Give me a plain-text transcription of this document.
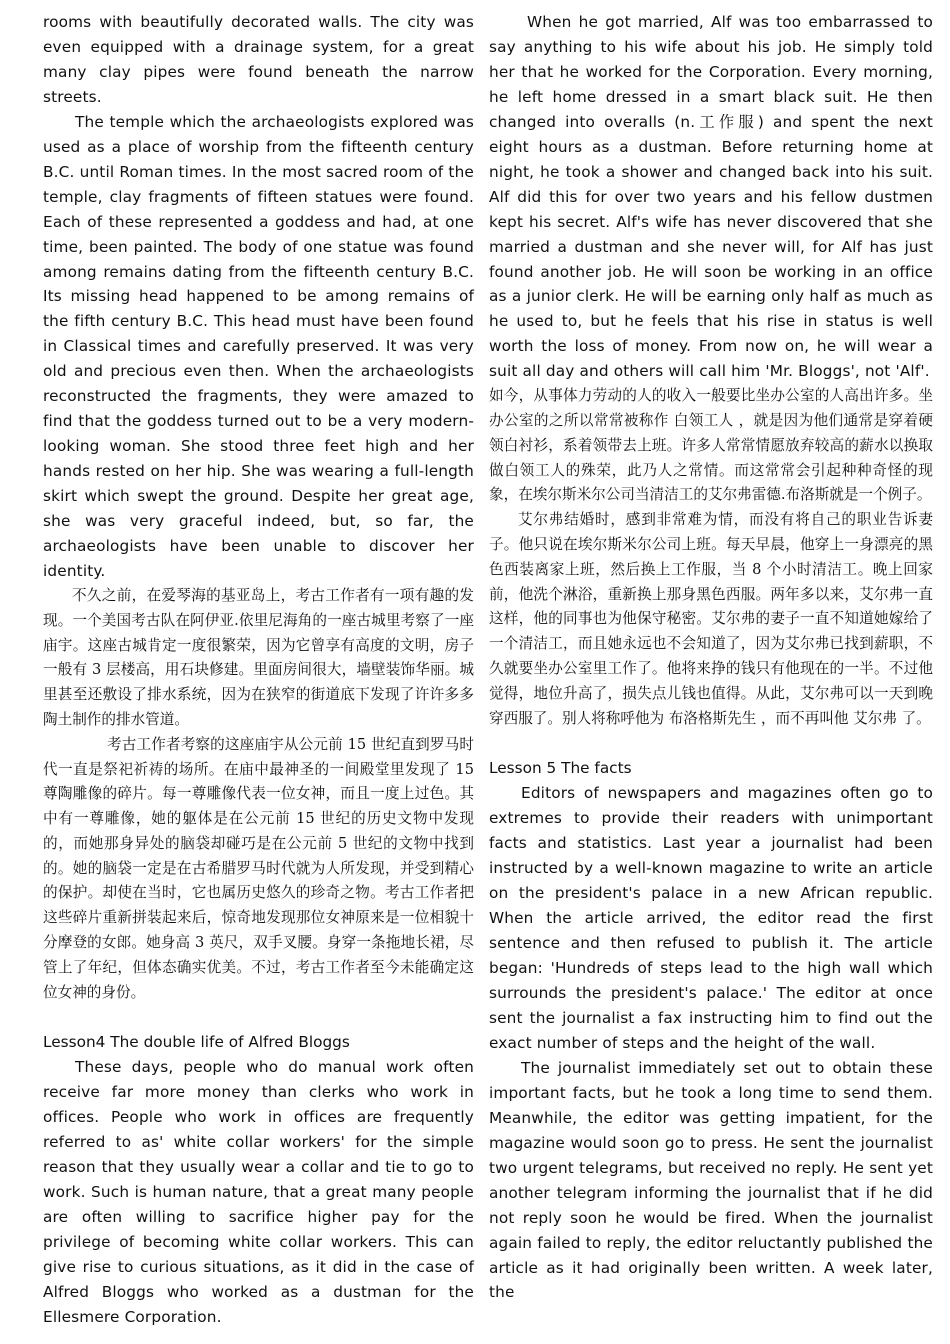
rooms with beautifully decorated walls. The city was even equipped with a drainage system, for a great many clay pipes were found beneath the narrow streets.

The temple which the archaeologists explored was used as a place of worship from the fifteenth century B.C. until Roman times. In the most sacred room of the temple, clay fragments of fifteen statues were found. Each of these represented a goddess and had, at one time, been painted. The body of one statue was found among remains dating from the fifteenth century B.C. Its missing head happened to be among remains of the fifth century B.C. This head must have been found in Classical times and carefully preserved. It was very old and precious even then. When the archaeologists reconstructed the fragments, they were amazed to find that the goddess turned out to be a very modern-looking woman. She stood three feet high and her hands rested on her hip. She was wearing a full-length skirt which swept the ground. Despite her great age, she was very graceful indeed, but, so far, the archaeologists have been unable to discover her identity.

不久之前，在爱琴海的基亚岛上，考古工作者有一项有趣的发现。一个美国考古队在阿伊亚.依里尼海角的一座古城里考察了一座庙宇。这座古城肯定一度很繁荣，因为它曾享有高度的文明，房子一般有 3 层楼高，用石块修建。里面房间很大，墙壁装饰华丽。城里甚至还敷设了排水系统，因为在狭窄的街道底下发现了许许多多陶土制作的排水管道。

考古工作者考察的这座庙宇从公元前 15 世纪直到罗马时代一直是祭祀祈祷的场所。在庙中最神圣的一间殿堂里发现了 15 尊陶雕像的碎片。每一尊雕像代表一位女神，而且一度上过色。其中有一尊雕像，她的躯体是在公元前 15 世纪的历史文物中发现的，而她那身异处的脑袋却碰巧是在公元前 5 世纪的文物中找到的。她的脑袋一定是在古希腊罗马时代就为人所发现，并受到精心的保护。却使在当时，它也属历史悠久的珍奇之物。考古工作者把这些碎片重新拼装起来后，惊奇地发现那位女神原来是一位相貌十分摩登的女郎。她身高 3 英尺，双手叉腰。身穿一条拖地长裙，尽管上了年纪，但体态确实优美。不过，考古工作者至今未能确定这位女神的身份。

Lesson4 The double life of Alfred Bloggs

These days, people who do manual work often receive far more money than clerks who work in offices. People who work in offices are frequently referred to as' white collar workers' for the simple reason that they usually wear a collar and tie to go to work. Such is human nature, that a great many people are often willing to sacrifice higher pay for the privilege of becoming white collar workers. This can give rise to curious situations, as it did in the case of Alfred Bloggs who worked as a dustman for the Ellesmere Corporation.

When he got married, Alf was too embarrassed to say anything to his wife about his job. He simply told her that he worked for the Corporation. Every morning, he left home dressed in a smart black suit. He then changed into overalls (n.工作服) and spent the next eight hours as a dustman. Before returning home at night, he took a shower and changed back into his suit. Alf did this for over two years and his fellow dustmen kept his secret. Alf's wife has never discovered that she married a dustman and she never will, for Alf has just found another job. He will soon be working in an office as a junior clerk. He will be earning only half as much as he used to, but he feels that his rise in status is well worth the loss of money. From now on, he will wear a suit all day and others will call him 'Mr. Bloggs', not 'Alf'.

如今，从事体力劳动的人的收入一般要比坐办公室的人高出许多。坐办公室的之所以常常被称作 白领工人 ，就是因为他们通常是穿着硬领白衬衫，系着领带去上班。许多人常常情愿放弃较高的薪水以换取做白领工人的殊荣，此乃人之常情。而这常常会引起种种奇怪的现象，在埃尔斯米尔公司当清洁工的艾尔弗雷德.布洛斯就是一个例子。

艾尔弗结婚时，感到非常难为情，而没有将自己的职业告诉妻子。他只说在埃尔斯米尔公司上班。每天早晨，他穿上一身漂亮的黑色西装离家上班，然后换上工作服，当 8 个小时清洁工。晚上回家前，他洗个淋浴，重新换上那身黑色西服。两年多以来，艾尔弗一直这样，他的同事也为他保守秘密。艾尔弗的妻子一直不知道她嫁给了一个清洁工，而且她永远也不会知道了，因为艾尔弗已找到薪职，不久就要坐办公室里工作了。他将来挣的钱只有他现在的一半。不过他觉得，地位升高了，损失点儿钱也值得。从此，艾尔弗可以一天到晚穿西服了。别人将称呼他为 布洛格斯先生 ，而不再叫他 艾尔弗 了。

Lesson 5 The facts

Editors of newspapers and magazines often go to extremes to provide their readers with unimportant facts and statistics. Last year a journalist had been instructed by a well-known magazine to write an article on the president's palace in a new African republic. When the article arrived, the editor read the first sentence and then refused to publish it. The article began: 'Hundreds of steps lead to the high wall which surrounds the president's palace.' The editor at once sent the journalist a fax instructing him to find out the exact number of steps and the height of the wall.

The journalist immediately set out to obtain these important facts, but he took a long time to send them. Meanwhile, the editor was getting impatient, for the magazine would soon go to press. He sent the journalist two urgent telegrams, but received no reply. He sent yet another telegram informing the journalist that if he did not reply soon he would be fired. When the journalist again failed to reply, the editor reluctantly published the article as it had originally been written. A week later, the
